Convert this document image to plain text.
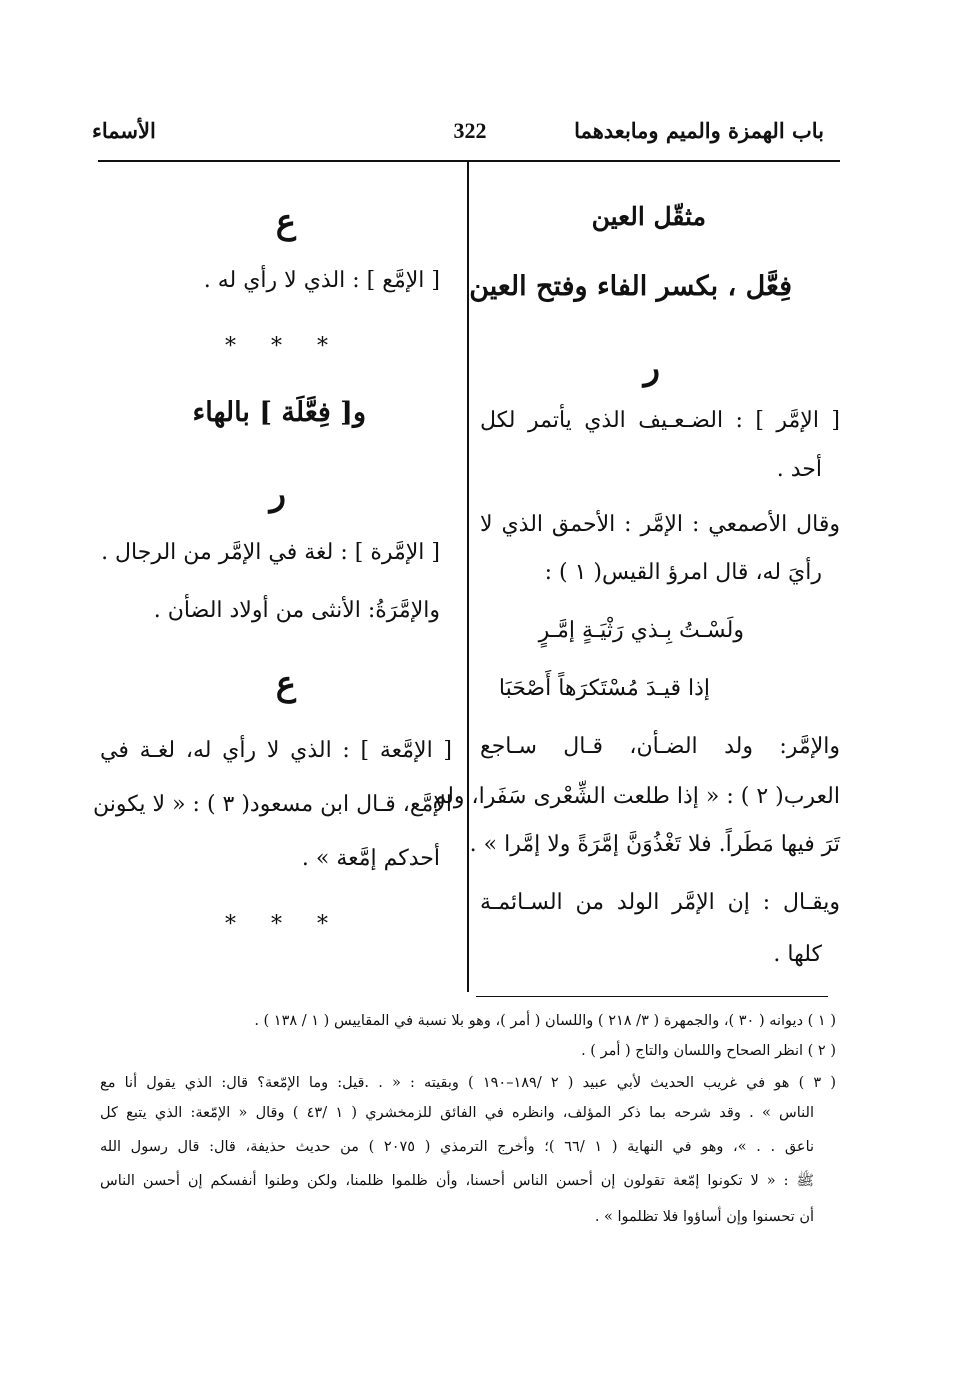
باب الهمزة والميم ومابعدهما
322
الأسماء
مثقّل العين
فِعَّل ، بكسر الفاء وفتح العين
ر
[ الإمَّر ] : الضـعـيف الذي يأتمر لكل
أحد .
وقال الأصمعي : الإمَّر : الأحمق الذي لا
رأيَ له، قال امرؤ القيس( ١ ) :
ولَسْـتُ بِـذي رَثْيَـةٍ إمَّـرٍ
إذا قيـدَ مُسْتَكرَهاً أَصْحَبَا
والإمَّر: ولد الضـأن، قـال سـاجع
العرب( ٢ ) : « إذا طلعت الشِّعْرى سَفَرا، ولم
تَرَ فيها مَطَراً. فلا تَغْذُوَنَّ إمَّرَةً ولا إمَّرا » .
ويقـال : إن الإمَّر الولد من السـائمـة
كلها .
ع
[ الإمَّع ] : الذي لا رأي له .
* * *
و[ فِعَّلَة ] بالهاء
ر
[ الإمَّرة ] : لغة في الإمَّر من الرجال .
والإمَّرَةُ: الأنثى من أولاد الضأن .
ع
[ الإمَّعة ] : الذي لا رأي له، لغـة في
الإمَّع، قـال ابن مسعود( ٣ ) : « لا يكونن
أحدكم إمَّعة » .
* * *
( ١ ) ديوانه ( ٣٠ )، والجمهرة ( ٣/ ٢١٨ ) واللسان ( أمر )، وهو بلا نسبة في المقاييس ( ١ / ١٣٨ ) .
( ٢ ) انظر الصحاح واللسان والتاج ( أمر ) .
( ٣ ) هو في غريب الحديث لأبي عبيد ( ٢ /١٨٩–١٩٠ ) وبقيته : « . .قيل: وما الإمّعة؟ قال: الذي يقول أنا مع
الناس » . وقد شرحه بما ذكر المؤلف، وانظره في الفائق للزمخشري ( ١ /٤٣ ) وقال « الإمّعة: الذي يتبع كل
ناعق . . »، وهو في النهاية ( ١ /٦٦ )؛ وأخرج الترمذي ( ٢٠٧٥ ) من حديث حذيفة، قال: قال رسول الله
ﷺ : « لا تكونوا إمّعة تقولون إن أحسن الناس أحسنا، وأن ظلموا ظلمنا، ولكن وطنوا أنفسكم إن أحسن الناس
أن تحسنوا وإن أساؤوا فلا تظلموا » .
